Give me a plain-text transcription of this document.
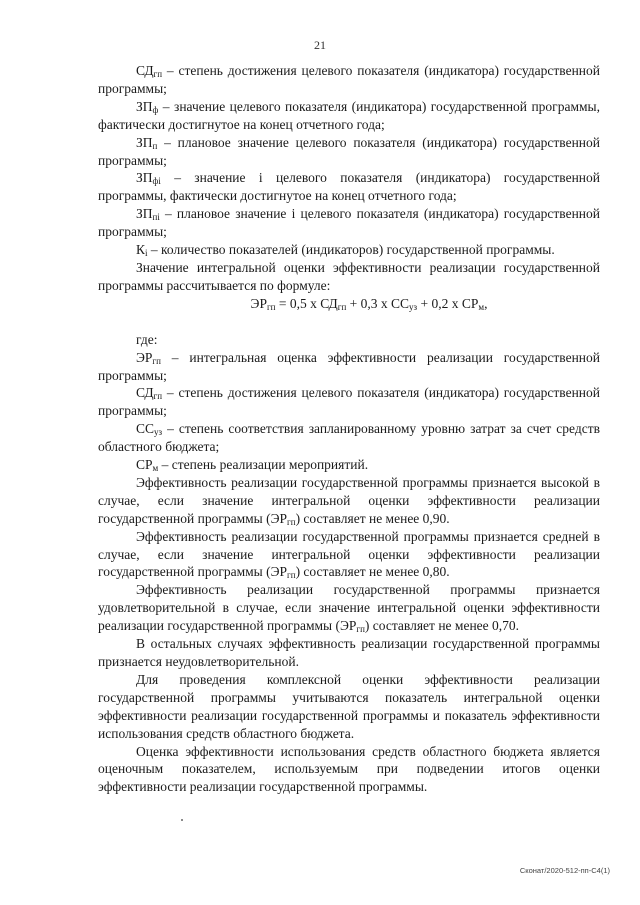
21

$СД_{гп}$ – степень достижения целевого показателя (индикатора) государственной программы;

$ЗП_ф$ – значение целевого показателя (индикатора) государственной программы, фактически достигнутое на конец отчетного года;

$ЗП_п$ – плановое значение целевого показателя (индикатора) государственной программы;

$ЗП_{фi}$ – значение i целевого показателя (индикатора) государственной программы, фактически достигнутое на конец отчетного года;

$ЗП_{пi}$ – плановое значение i целевого показателя (индикатора) государственной программы;

$К_i$ – количество показателей (индикаторов) государственной программы.

Значение интегральной оценки эффективности реализации государственной программы рассчитывается по формуле:

$ЭР_{гп} = 0,5$ х $СД_{гп} + 0,3$ х $СС_{уз} + 0,2$ х $СР_м$,

где:

$ЭР_{гп}$ – интегральная оценка эффективности реализации государственной программы;

$СД_{гп}$ – степень достижения целевого показателя (индикатора) государственной программы;

$СС_{уз}$ – степень соответствия запланированному уровню затрат за счет средств областного бюджета;

$СР_м$ – степень реализации мероприятий.

Эффективность реализации государственной программы признается высокой в случае, если значение интегральной оценки эффективности реализации государственной программы $(ЭР_{гп})$ составляет не менее 0,90.

Эффективность реализации государственной программы признается средней в случае, если значение интегральной оценки эффективности реализации государственной программы $(ЭР_{гп})$ составляет не менее 0,80.

Эффективность реализации государственной программы признается удовлетворительной в случае, если значение интегральной оценки эффективности реализации государственной программы $(ЭР_{гп})$ составляет не менее 0,70.

В остальных случаях эффективность реализации государственной программы признается неудовлетворительной.

Для проведения комплексной оценки эффективности реализации государственной программы учитываются показатель интегральной оценки эффективности реализации государственной программы и показатель эффективности использования средств областного бюджета.

Оценка эффективности использования средств областного бюджета является оценочным показателем, используемым при подведении итогов оценки эффективности реализации государственной программы.

Сконат/2020-512-пп-С4(1)
